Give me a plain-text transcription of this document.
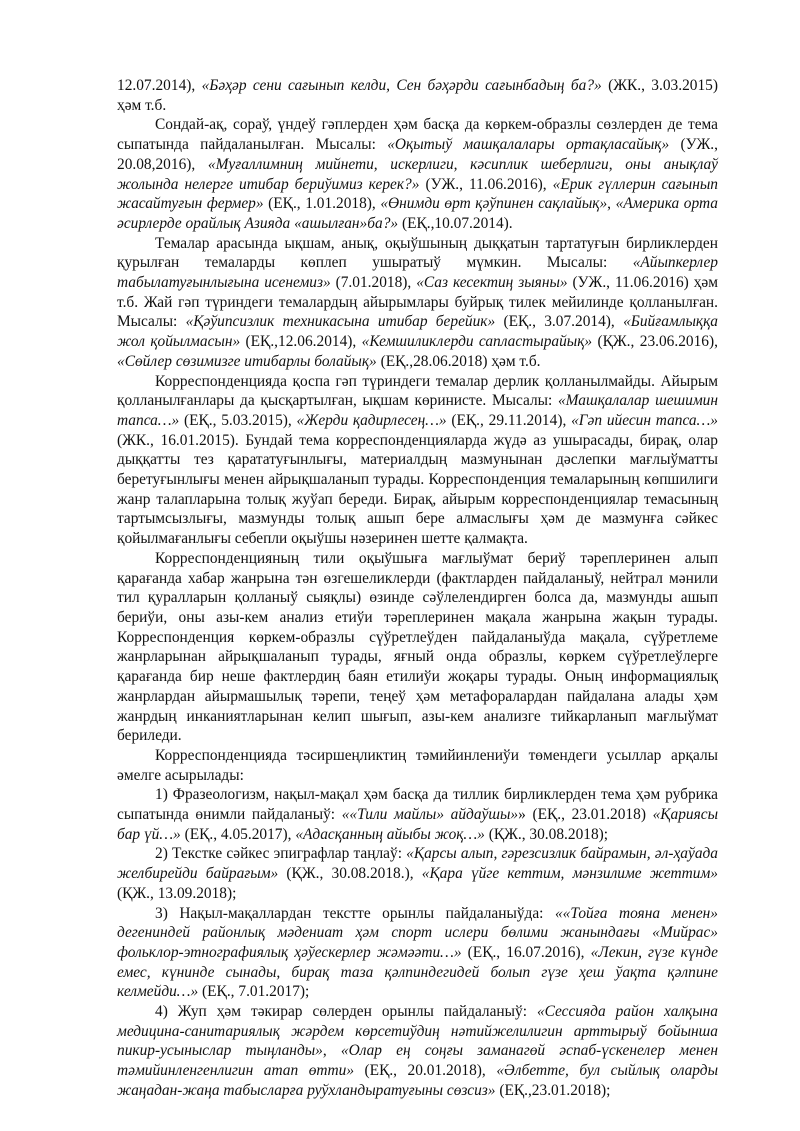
12.07.2014), «Бәҳәр сени сағынып келди, Сен бәҳәрди сағынбадың ба?» (ЖК., 3.03.2015) ҳәм т.б.

Сондай-ақ, сораў, үндеў гәплерден ҳәм басқа да көркем-образлы сөзлерден де тема сыпатында пайдаланылған. Мысалы: «Оқытыў машқалалары ортақласайық» (УЖ., 20.08,2016), «Муғаллимниң мийнети, искерлиги, кәсиплик шеберлиги, оны анықлаў жолында нелерге итибар бериўимиз керек?» (УЖ., 11.06.2016), «Ерик гүллерин сағынып жасайтуғын фермер» (ЕҚ., 1.01.2018), «Өнимди өрт қәўпинен сақлайық», «Америка орта әсирлерде орайлық Азияда «ашылған»ба?» (ЕҚ.,10.07.2014).

Темалар арасында ықшам, анық, оқыўшының дыққатын тартатуғын бирликлерден қурылған темаларды көплеп ушыратыў мүмкин. Мысалы: «Айыпкерлер табылатуғынлығына исенемиз» (7.01.2018), «Саз кесектиң зыяны» (УЖ., 11.06.2016) ҳәм т.б. Жай гәп түриндеги темалардың айырымлары буйрық тилек мейилинде қолланылған. Мысалы: «Қәўипсизлик техникасына итибар берейик» (ЕҚ., 3.07.2014), «Бийғамлыққа жол қойылмасын» (ЕҚ.,12.06.2014), «Кемшиликлерди сапластырайық» (ҚЖ., 23.06.2016), «Сөйлер сөзимизге итибарлы болайық» (ЕҚ.,28.06.2018) ҳәм т.б.

Корреспонденцияда қоспа гәп түриндеги темалар дерлик қолланылмайды. Айырым қолланылғанлары да қысқартылған, ықшам көринисте. Мысалы: «Машқалалар шешимин тапса…» (ЕҚ., 5.03.2015), «Жерди қадирлесең…» (ЕҚ., 29.11.2014), «Гәп ийесин тапса…» (ЖК., 16.01.2015). Бундай тема корреспонденцияларда жүдә аз ушырасады, бирақ, олар дыққатты тез қарататуғынлығы, материалдың мазмунынан дәслепки мағлыўматты беретуғынлығы менен айрықшаланып турады. Корреспонденция темаларының көпшилиги жанр талапларына толық жуўап береди. Бирақ, айырым корреспонденциялар темасының тартымсызлығы, мазмунды толық ашып бере алмаслығы ҳәм де мазмунға сәйкес қойылмағанлығы себепли оқыўшы нәзеринен шетте қалмақта.

Корреспонденцияның тили оқыўшыға мағлыўмат бериў тәреплеринен алып қарағанда хабар жанрына тән өзгешеликлерди (фактларден пайдаланыў, нейтрал мәнили тил қуралларын қолланыў сыяқлы) өзинде сәўлелендирген болса да, мазмунды ашып бериўи, оны азы-кем анализ етиўи тәреплеринен мақала жанрына жақын турады. Корреспонденция көркем-образлы сүўретлеўден пайдаланыўда мақала, сүўретлеме жанрларынан айрықшаланып турады, яғный онда образлы, көркем сүўретлеўлерге қарағанда бир неше фактлердиң баян етилиўи жоқары турады. Оның информациялық жанрлардан айырмашылық тәрепи, теңеў ҳәм метафоралардан пайдалана алады ҳәм жанрдың инканиятларынан келип шығып, азы-кем анализге тийкарланып мағлыўмат бериледи.

Корреспонденцияда тәсиршеңликтиң тәмийинлениўи төмендеги усыллар арқалы әмелге асырылады:

1) Фразеологизм, нақыл-мақал ҳәм басқа да тиллик бирликлерден тема ҳәм рубрика сыпатында өнимли пайдаланыў: ««Тили майлы» айдаўшы»» (ЕҚ., 23.01.2018) «Қариясы бар үй…» (ЕҚ., 4.05.2017), «Адасқанның айыбы жоқ…» (ҚЖ., 30.08.2018);

2) Текстке сәйкес эпиграфлар таңлаў: «Қарсы алып, гәрезсизлик байрамын, әл-ҳаўада желбирейди байрағым» (ҚЖ., 30.08.2018.), «Қара үйге кеттим, мәнзилиме жеттим» (ҚЖ., 13.09.2018);

3) Нақыл-мақаллардан текстте орынлы пайдаланыўда: ««Тойға тояна менен» дегениндей районлық мәдениат ҳәм спорт ислери бөлими жанындағы «Мийрас» фольклор-этнографиялық ҳәўескерлер жәмәәти…» (ЕҚ., 16.07.2016), «Лекин, гүзе күнде емес, күнинде сынады, бирақ таза қәлпиндегидей болып гүзе ҳеш ўақта қәлпине келмейди…» (ЕҚ., 7.01.2017);

4) Жуп ҳәм тәкирар сөлерден орынлы пайдаланыў: «Сессияда район халқына медицина-санитариялық жәрдем көрсетиўдиң нәтийжелилигин арттырыў бойынша пикир-усыныслар тыңланды», «Олар ең соңғы заманагөй әспаб-үскенелер менен тәмийинленгенлигин атап өтти» (ЕҚ., 20.01.2018), «Әлбетте, бул сыйлық оларды жаңадан-жаңа табысларға руўхландыратуғыны сөзсиз» (ЕҚ.,23.01.2018);
